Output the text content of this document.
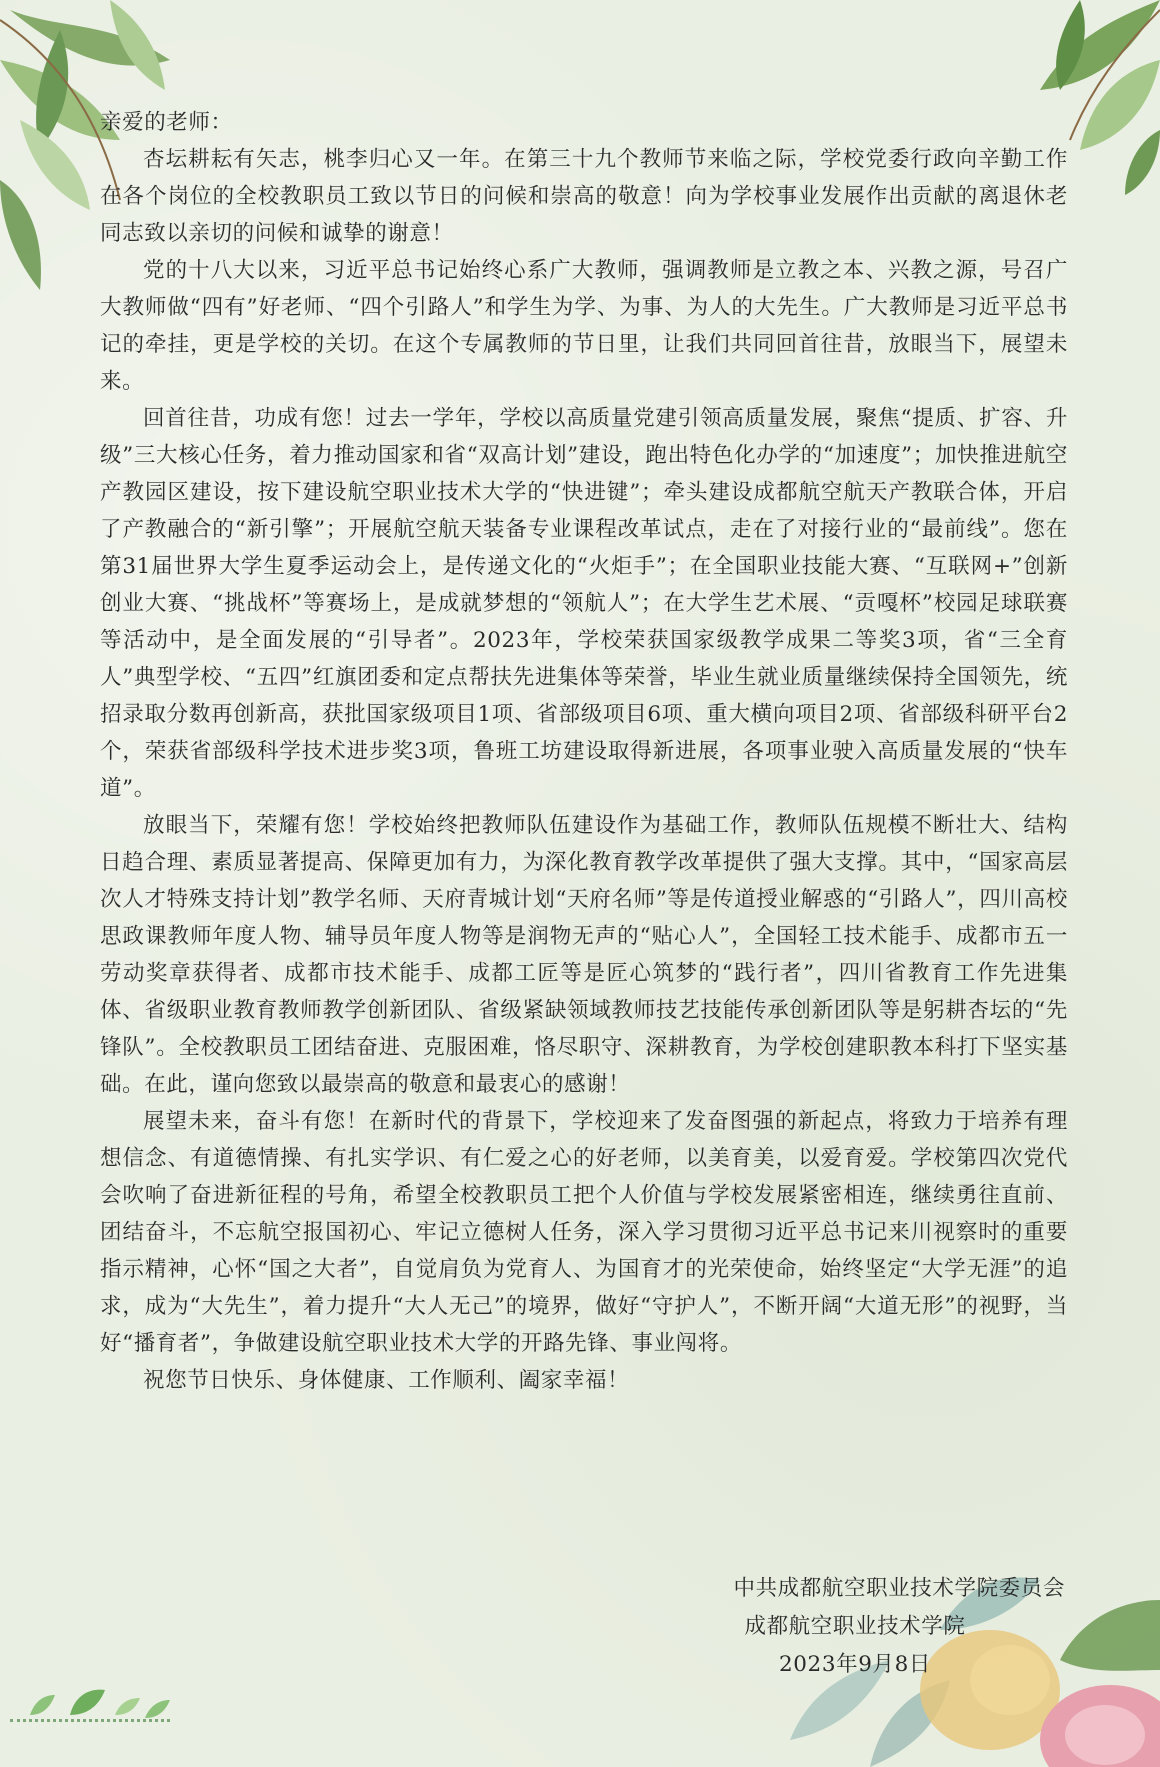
亲爱的老师：

杏坛耕耘有矢志，桃李归心又一年。在第三十九个教师节来临之际，学校党委行政向辛勤工作在各个岗位的全校教职员工致以节日的问候和崇高的敬意！向为学校事业发展作出贡献的离退休老同志致以亲切的问候和诚挚的谢意！

党的十八大以来，习近平总书记始终心系广大教师，强调教师是立教之本、兴教之源，号召广大教师做“四有”好老师、“四个引路人”和学生为学、为事、为人的大先生。广大教师是习近平总书记的牵挂，更是学校的关切。在这个专属教师的节日里，让我们共同回首往昔，放眼当下，展望未来。

回首往昔，功成有您！过去一学年，学校以高质量党建引领高质量发展，聚焦“提质、扩容、升级”三大核心任务，着力推动国家和省“双高计划”建设，跑出特色化办学的“加速度”；加快推进航空产教园区建设，按下建设航空职业技术大学的“快进键”；牵头建设成都航空航天产教联合体，开启了产教融合的“新引擎”；开展航空航天装备专业课程改革试点，走在了对接行业的“最前线”。您在第31届世界大学生夏季运动会上，是传递文化的“火炬手”；在全国职业技能大赛、“互联网+”创新创业大赛、“挑战杯”等赛场上，是成就梦想的“领航人”；在大学生艺术展、“贡嘎杯”校园足球联赛等活动中，是全面发展的“引导者”。2023年，学校荣获国家级教学成果二等奖3项，省“三全育人”典型学校、“五四”红旗团委和定点帮扶先进集体等荣誉，毕业生就业质量继续保持全国领先，统招录取分数再创新高，获批国家级项目1项、省部级项目6项、重大横向项目2项、省部级科研平台2个，荣获省部级科学技术进步奖3项，鲁班工坊建设取得新进展，各项事业驶入高质量发展的“快车道”。

放眼当下，荣耀有您！学校始终把教师队伍建设作为基础工作，教师队伍规模不断壮大、结构日趋合理、素质显著提高、保障更加有力，为深化教育教学改革提供了强大支撑。其中，“国家高层次人才特殊支持计划”教学名师、天府青城计划“天府名师”等是传道授业解惑的“引路人”，四川高校思政课教师年度人物、辅导员年度人物等是润物无声的“贴心人”，全国轻工技术能手、成都市五一劳动奖章获得者、成都市技术能手、成都工匠等是匠心筑梦的“践行者”，四川省教育工作先进集体、省级职业教育教师教学创新团队、省级紧缺领域教师技艺技能传承创新团队等是躬耕杏坛的“先锋队”。全校教职员工团结奋进、克服困难，恪尽职守、深耕教育，为学校创建职教本科打下坚实基础。在此，谨向您致以最崇高的敬意和最衷心的感谢！

展望未来，奋斗有您！在新时代的背景下，学校迎来了发奋图强的新起点，将致力于培养有理想信念、有道德情操、有扎实学识、有仁爱之心的好老师，以美育美，以爱育爱。学校第四次党代会吹响了奋进新征程的号角，希望全校教职员工把个人价值与学校发展紧密相连，继续勇往直前、团结奋斗，不忘航空报国初心、牢记立德树人任务，深入学习贯彻习近平总书记来川视察时的重要指示精神，心怀“国之大者”，自觉肩负为党育人、为国育才的光荣使命，始终坚定“大学无涯”的追求，成为“大先生”，着力提升“大人无己”的境界，做好“守护人”，不断开阔“大道无形”的视野，当好“播育者”，争做建设航空职业技术大学的开路先锋、事业闯将。

祝您节日快乐、身体健康、工作顺利、阖家幸福！

中共成都航空职业技术学院委员会
成都航空职业技术学院
2023年9月8日
